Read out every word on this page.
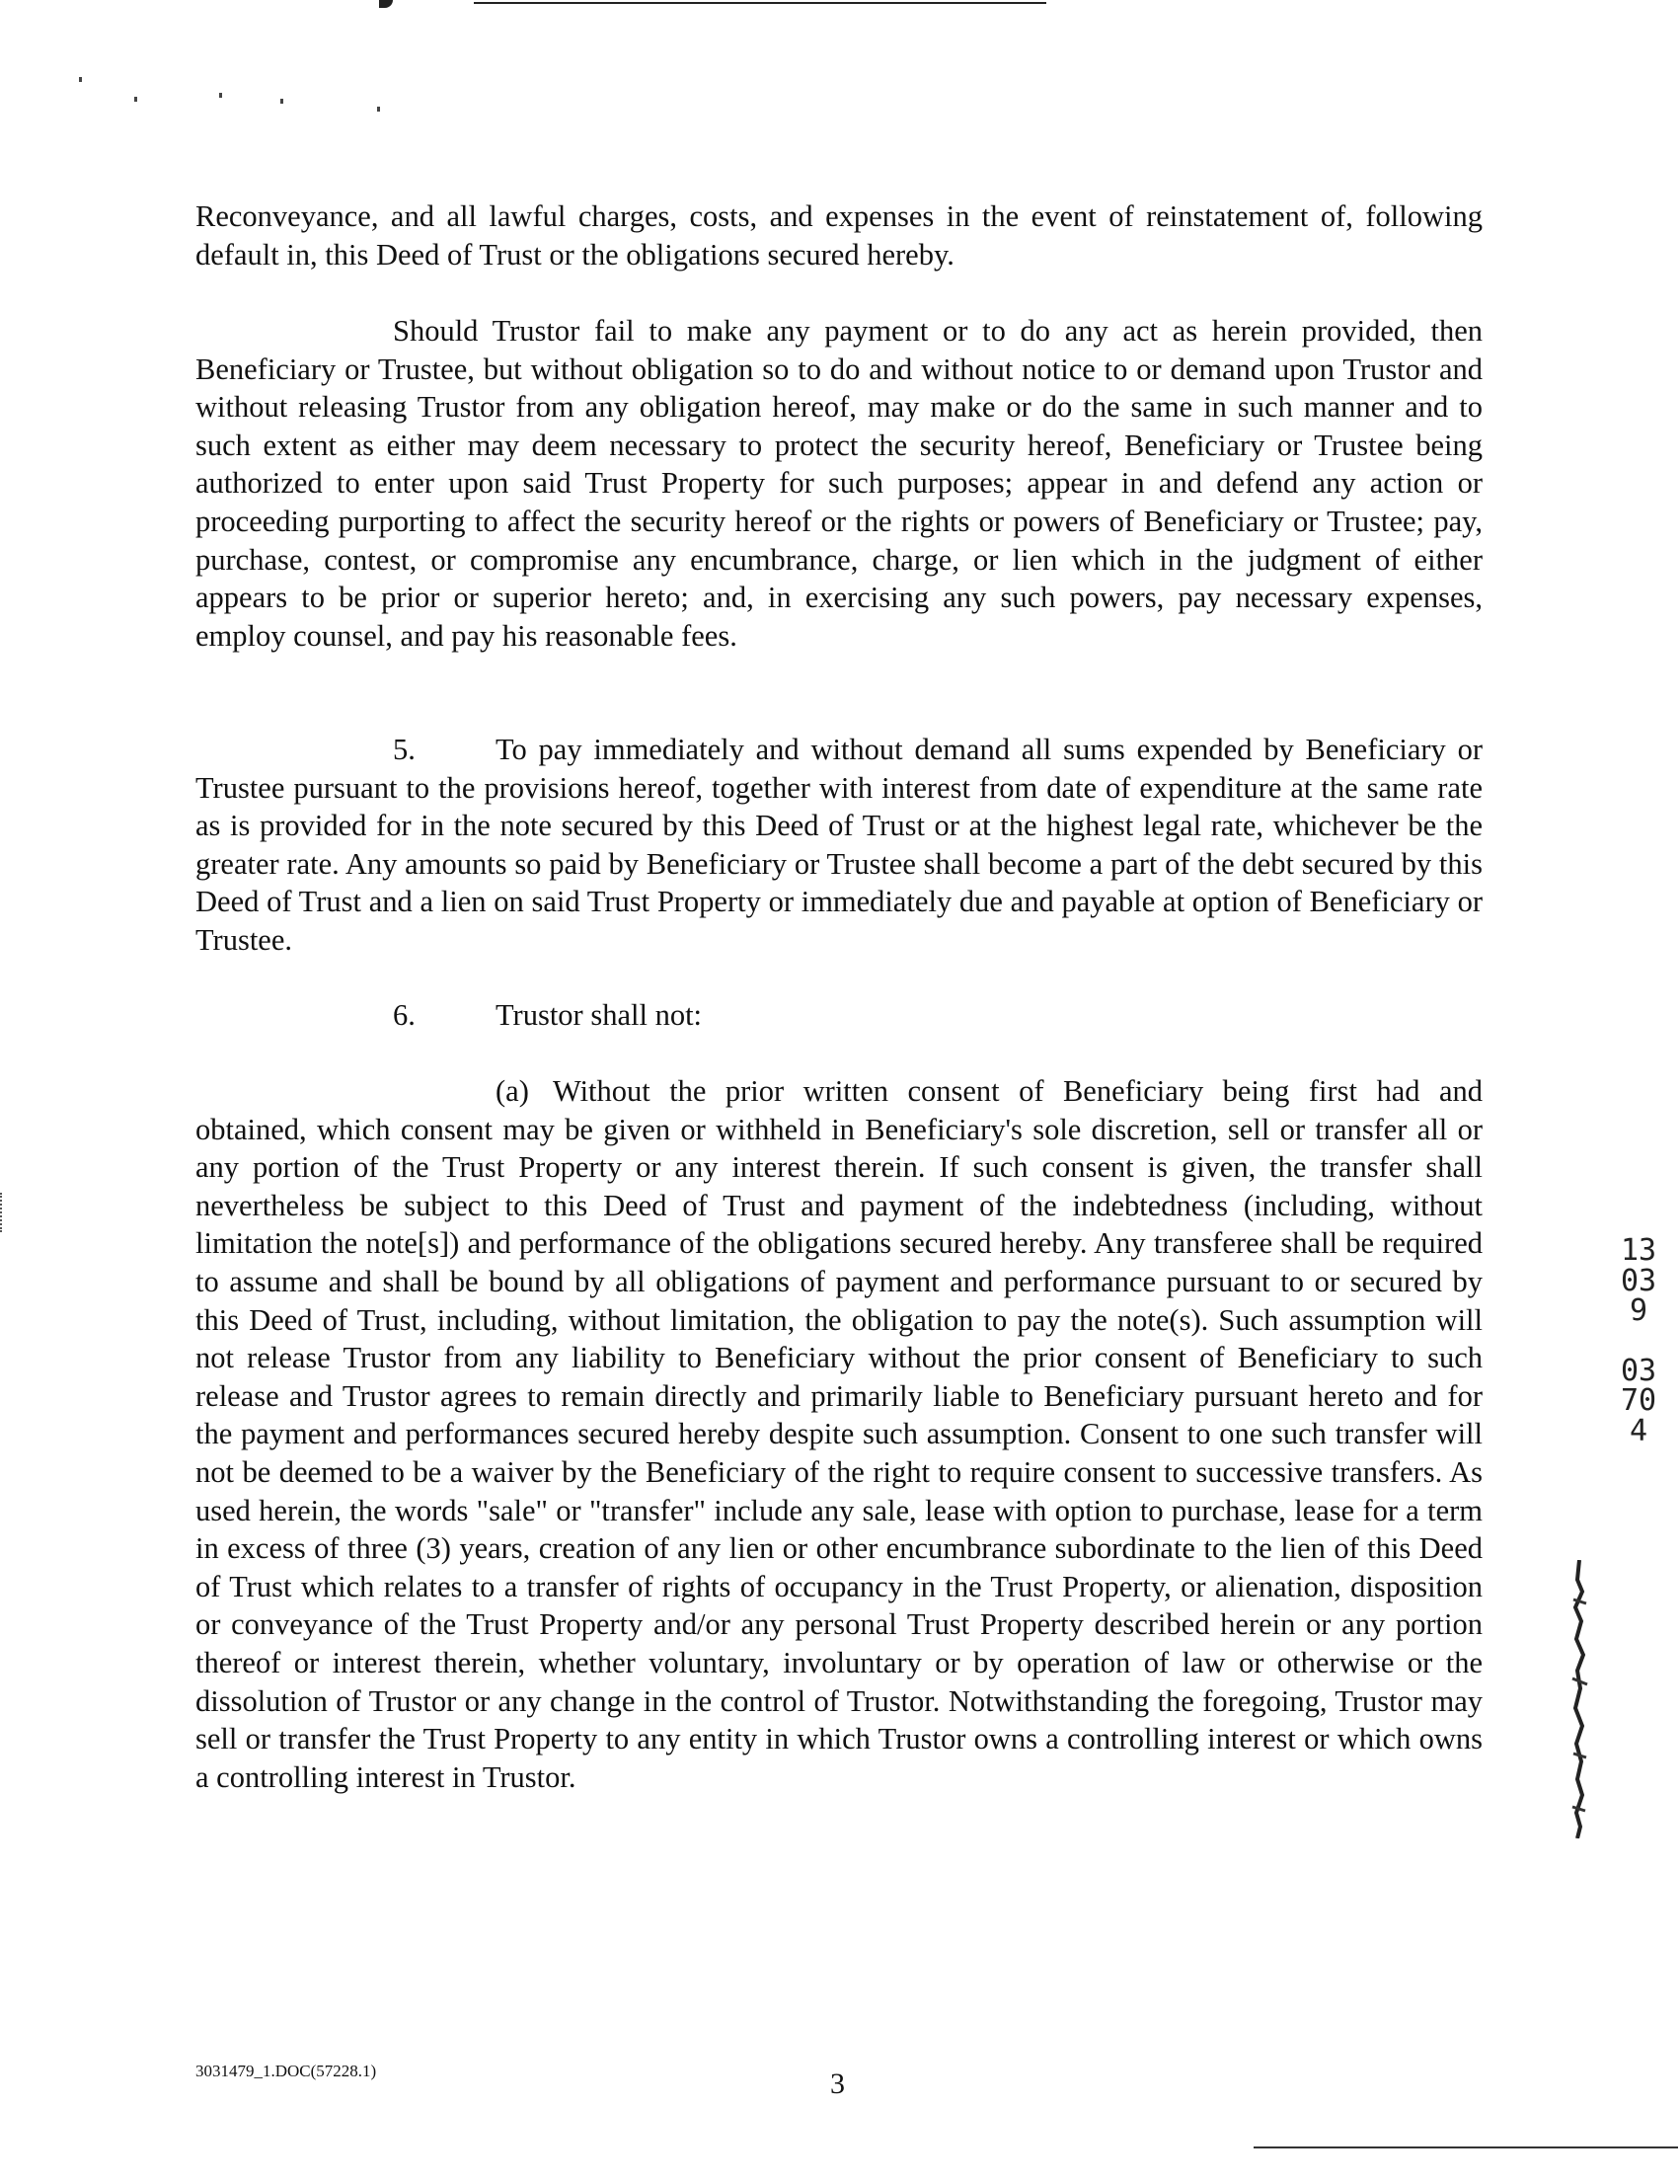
Reconveyance, and all lawful charges, costs, and expenses in the event of reinstatement of, following default in, this Deed of Trust or the obligations secured hereby.

Should Trustor fail to make any payment or to do any act as herein provided, then Beneficiary or Trustee, but without obligation so to do and without notice to or demand upon Trustor and without releasing Trustor from any obligation hereof, may make or do the same in such manner and to such extent as either may deem necessary to protect the security hereof, Beneficiary or Trustee being authorized to enter upon said Trust Property for such purposes; appear in and defend any action or proceeding purporting to affect the security hereof or the rights or powers of Beneficiary or Trustee; pay, purchase, contest, or compromise any encumbrance, charge, or lien which in the judgment of either appears to be prior or superior hereto; and, in exercising any such powers, pay necessary expenses, employ counsel, and pay his reasonable fees.

5.	To pay immediately and without demand all sums expended by Beneficiary or Trustee pursuant to the provisions hereof, together with interest from date of expenditure at the same rate as is provided for in the note secured by this Deed of Trust or at the highest legal rate, whichever be the greater rate. Any amounts so paid by Beneficiary or Trustee shall become a part of the debt secured by this Deed of Trust and a lien on said Trust Property or immediately due and payable at option of Beneficiary or Trustee.

6.	Trustor shall not:
(a) Without the prior written consent of Beneficiary being first had and obtained, which consent may be given or withheld in Beneficiary's sole discretion, sell or transfer all or any portion of the Trust Property or any interest therein. If such consent is given, the transfer shall nevertheless be subject to this Deed of Trust and payment of the indebtedness (including, without limitation the note[s]) and performance of the obligations secured hereby. Any transferee shall be required to assume and shall be bound by all obligations of payment and performance pursuant to or secured by this Deed of Trust, including, without limitation, the obligation to pay the note(s). Such assumption will not release Trustor from any liability to Beneficiary without the prior consent of Beneficiary to such release and Trustor agrees to remain directly and primarily liable to Beneficiary pursuant hereto and for the payment and performances secured hereby despite such assumption. Consent to one such transfer will not be deemed to be a waiver by the Beneficiary of the right to require consent to successive transfers. As used herein, the words "sale" or "transfer" include any sale, lease with option to purchase, lease for a term in excess of three (3) years, creation of any lien or other encumbrance subordinate to the lien of this Deed of Trust which relates to a transfer of rights of occupancy in the Trust Property, or alienation, disposition or conveyance of the Trust Property and/or any personal Trust Property described herein or any portion thereof or interest therein, whether voluntary, involuntary or by operation of law or otherwise or the dissolution of Trustor or any change in the control of Trustor. Notwithstanding the foregoing, Trustor may sell or transfer the Trust Property to any entity in which Trustor owns a controlling interest or which owns a controlling interest in Trustor.

13039
03704
3031479_1.DOC(57228.1)	3
